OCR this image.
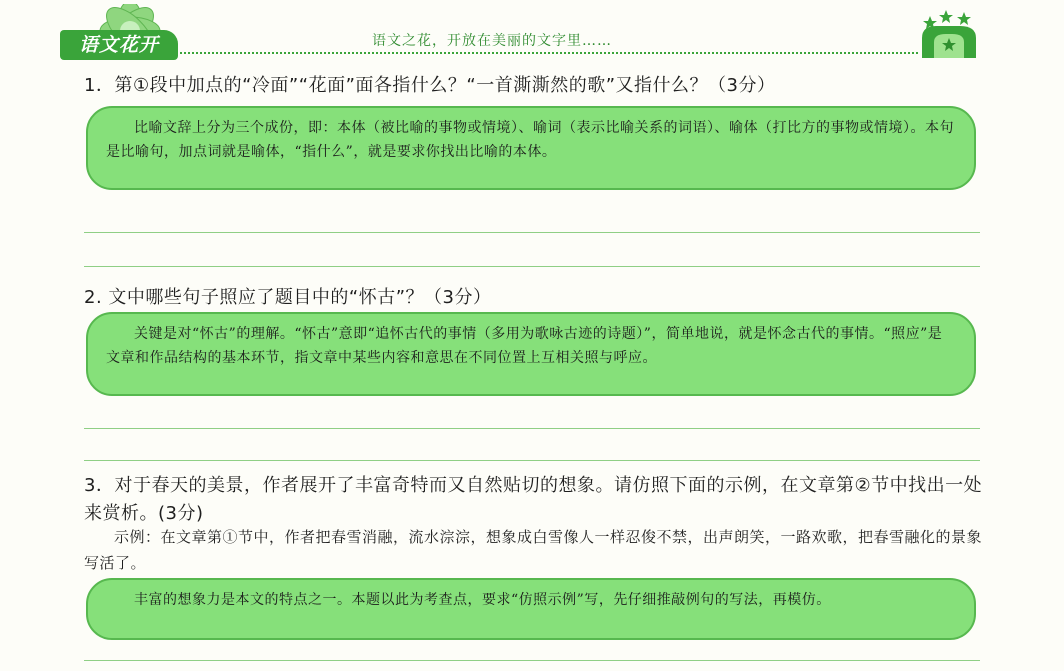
语文花开	语文之花，开放在美丽的文字里……
1．第①段中加点的“冷面”“花面”面各指什么？“一首澌澌然的歌”又指什么？（3分）
比喻文辞上分为三个成份，即：本体（被比喻的事物或情境）、喻词（表示比喻关系的词语）、喻体（打比方的事物或情境）。本句是比喻句，加点词就是喻体，“指什么”，就是要求你找出比喻的本体。
2. 文中哪些句子照应了题目中的“怀古”？（3分）
关键是对“怀古”的理解。“怀古”意即“追怀古代的事情（多用为歌咏古迹的诗题）”，简单地说，就是怀念古代的事情。“照应”是文章和作品结构的基本环节，指文章中某些内容和意思在不同位置上互相关照与呼应。
3．对于春天的美景，作者展开了丰富奇特而又自然贴切的想象。请仿照下面的示例，在文章第②节中找出一处来赏析。(3分)
示例：在文章第①节中，作者把春雪消融，流水淙淙，想象成白雪像人一样忍俊不禁，出声朗笑，一路欢歌，把春雪融化的景象写活了。
丰富的想象力是本文的特点之一。本题以此为考查点，要求“仿照示例”写，先仔细推敲例句的写法，再模仿。
